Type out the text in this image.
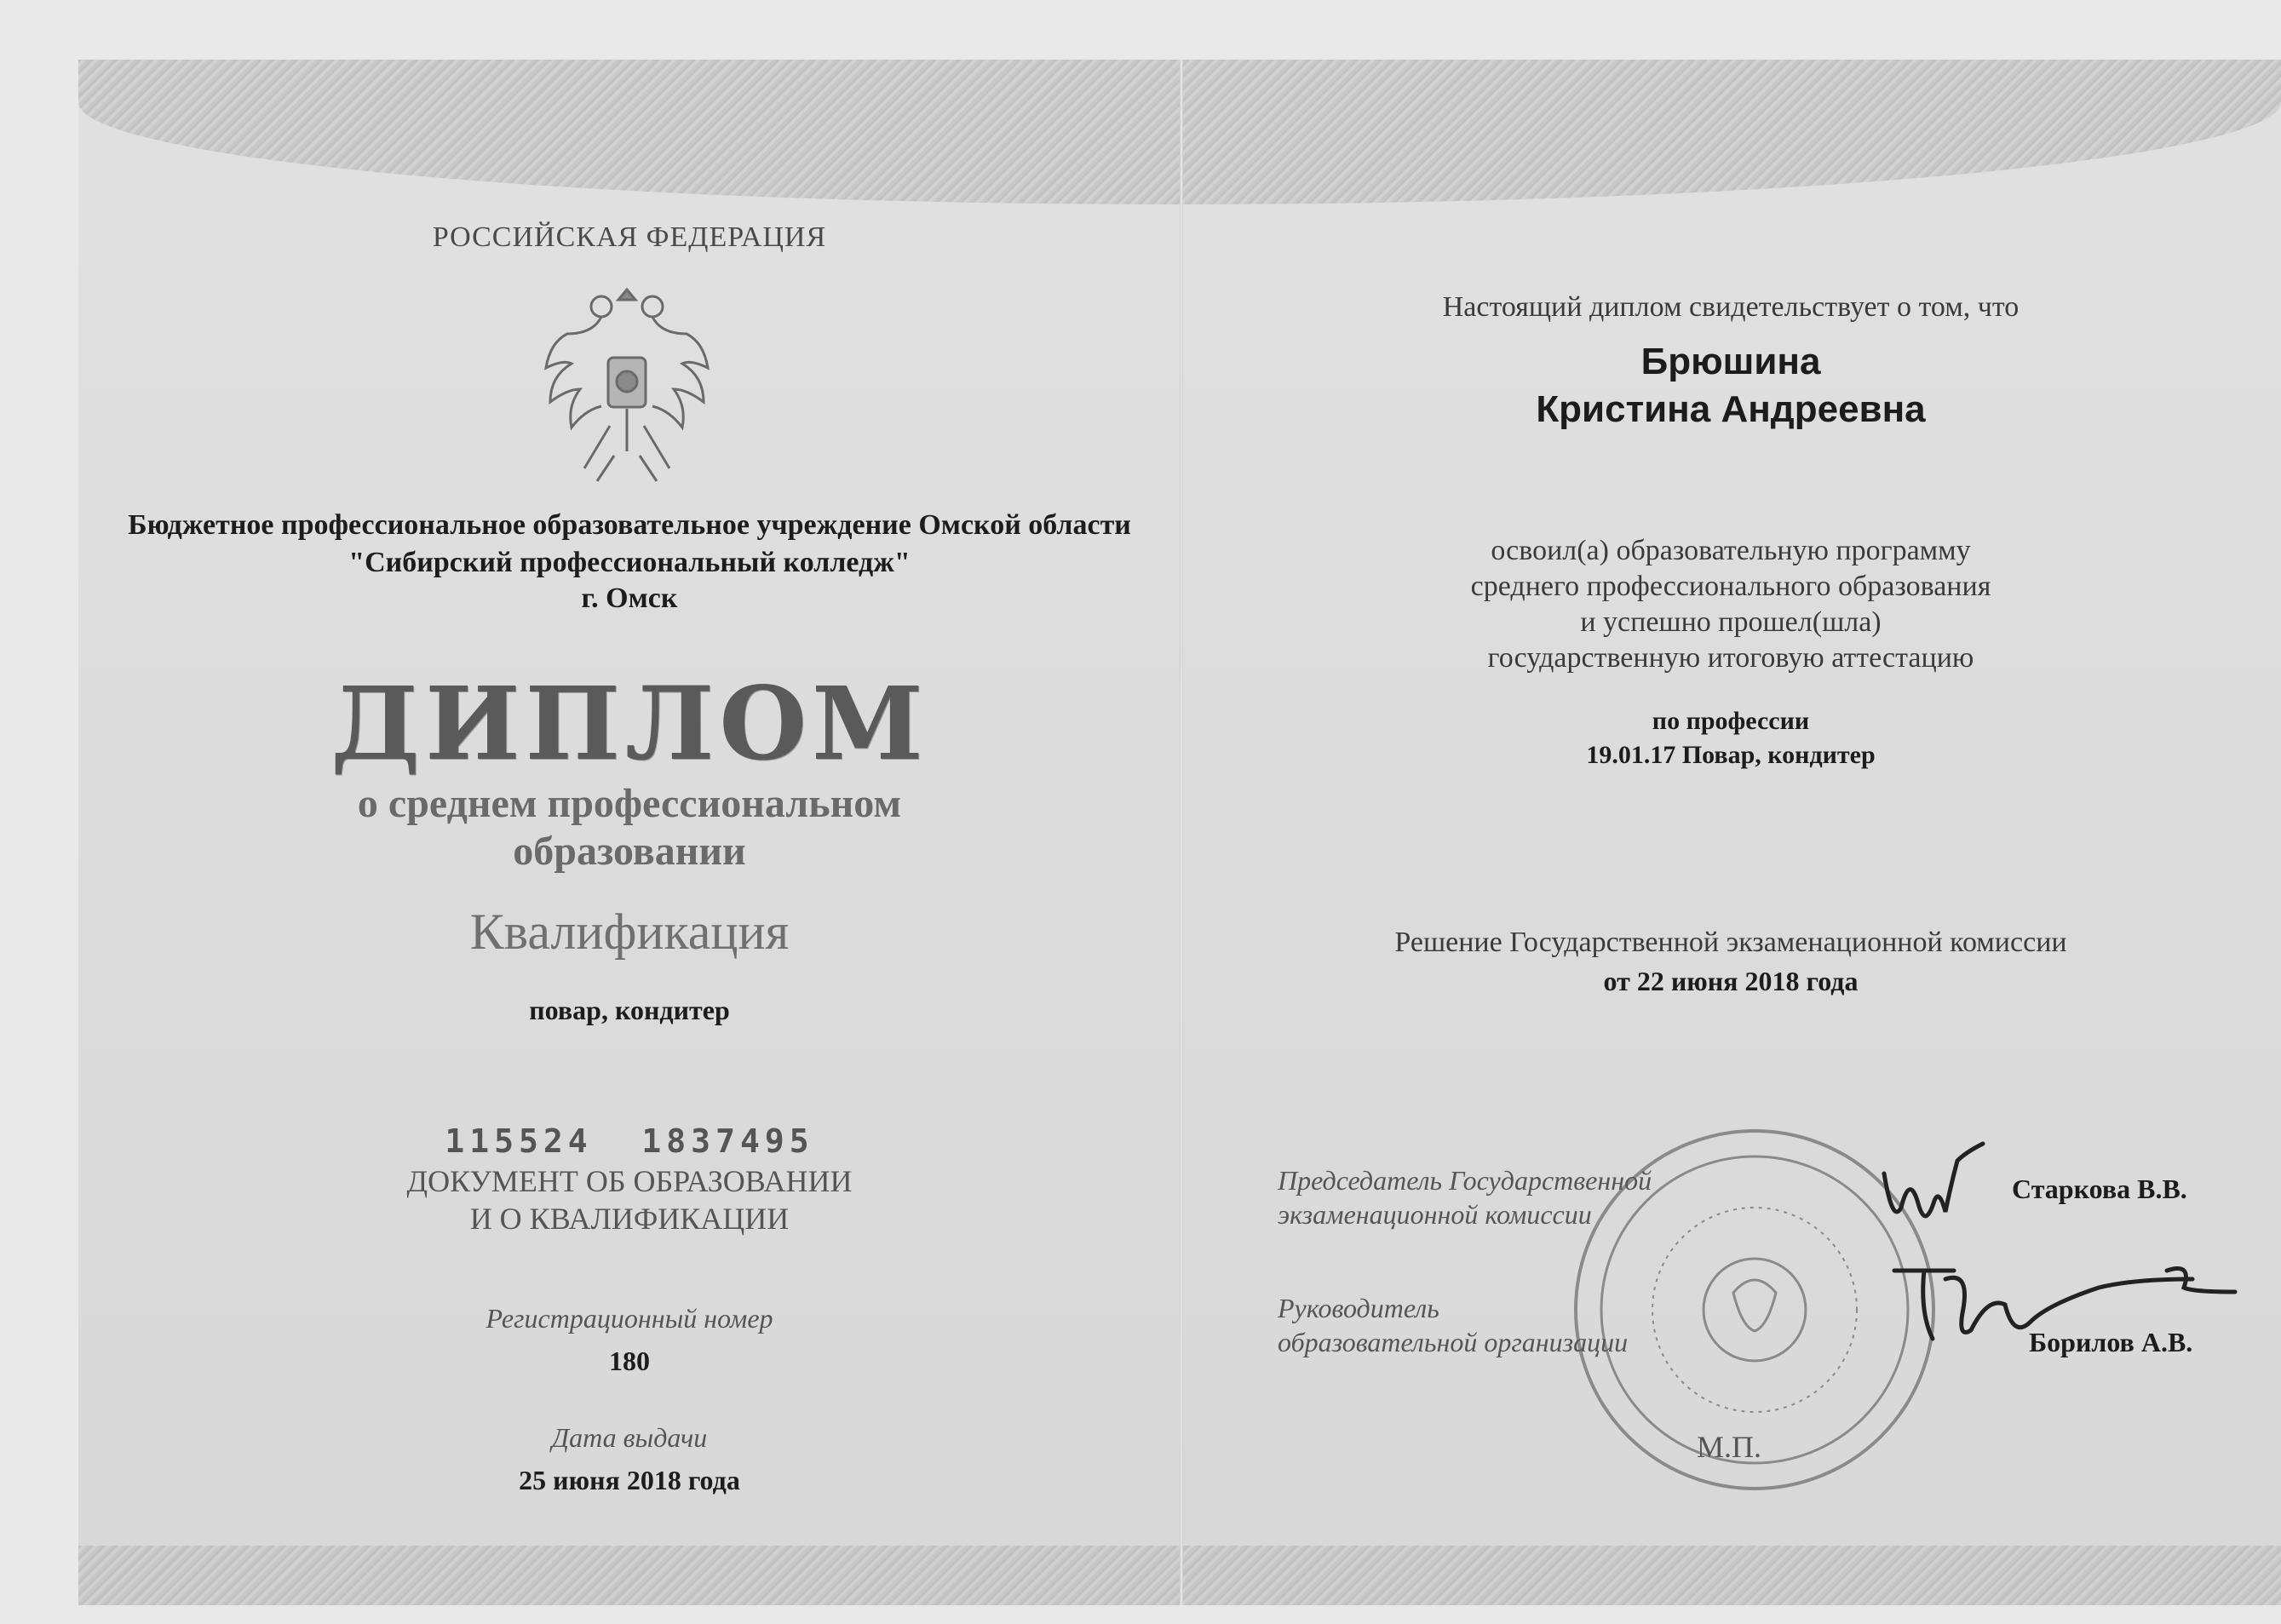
РОССИЙСКАЯ ФЕДЕРАЦИЯ

Бюджетное профессиональное образовательное учреждение Омской области

"Сибирский профессиональный колледж"

г. Омск

ДИПЛОМ

о среднем профессиональном

образовании

Квалификация

повар, кондитер

115524  1837495

ДОКУМЕНТ ОБ ОБРАЗОВАНИИ

И О КВАЛИФИКАЦИИ

Регистрационный номер

180

Дата выдачи

25 июня 2018 года

Настоящий диплом свидетельствует о том, что

Брюшина

Кристина Андреевна

освоил(а) образовательную программу

среднего профессионального образования

и успешно прошел(шла)

государственную итоговую аттестацию

по профессии

19.01.17 Повар, кондитер

Решение Государственной экзаменационной комиссии

от 22 июня 2018 года

Председатель Государственной

экзаменационной комиссии

Старкова В.В.

Руководитель

образовательной организации	Борилов А.В.

М.П.
